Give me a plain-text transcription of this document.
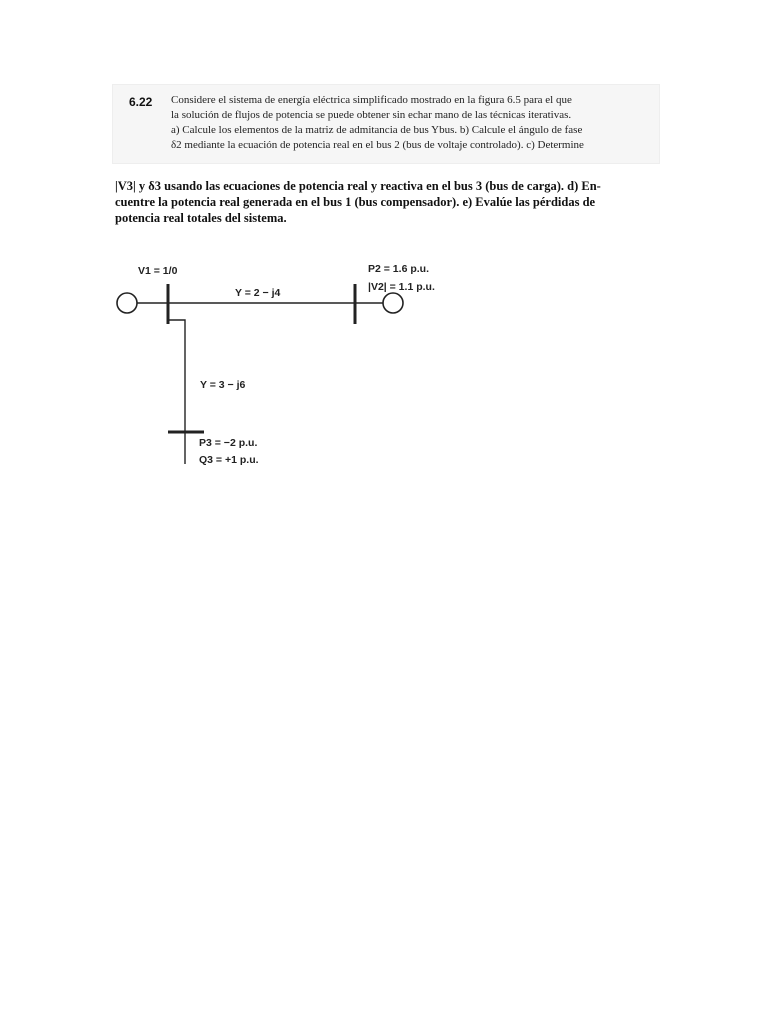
6.22 Considere el sistema de energía eléctrica simplificado mostrado en la figura 6.5 para el que
la solución de flujos de potencia se puede obtener sin echar mano de las técnicas iterativas.
a) Calcule los elementos de la matriz de admitancia de bus Ybus. b) Calcule el ángulo de fase
δ2 mediante la ecuación de potencia real en el bus 2 (bus de voltaje controlado). c) Determine
|V3| y δ3 usando las ecuaciones de potencia real y reactiva en el bus 3 (bus de carga). d) En-
cuentre la potencia real generada en el bus 1 (bus compensador). e) Evalúe las pérdidas de
potencia real totales del sistema.
V1 = 1/0	P2 = 1.6 p.u.
|V2| = 1.1 p.u.
Y = 2 − j4
Y = 3 − j6
P3 = −2 p.u.
Q3 = +1 p.u.
